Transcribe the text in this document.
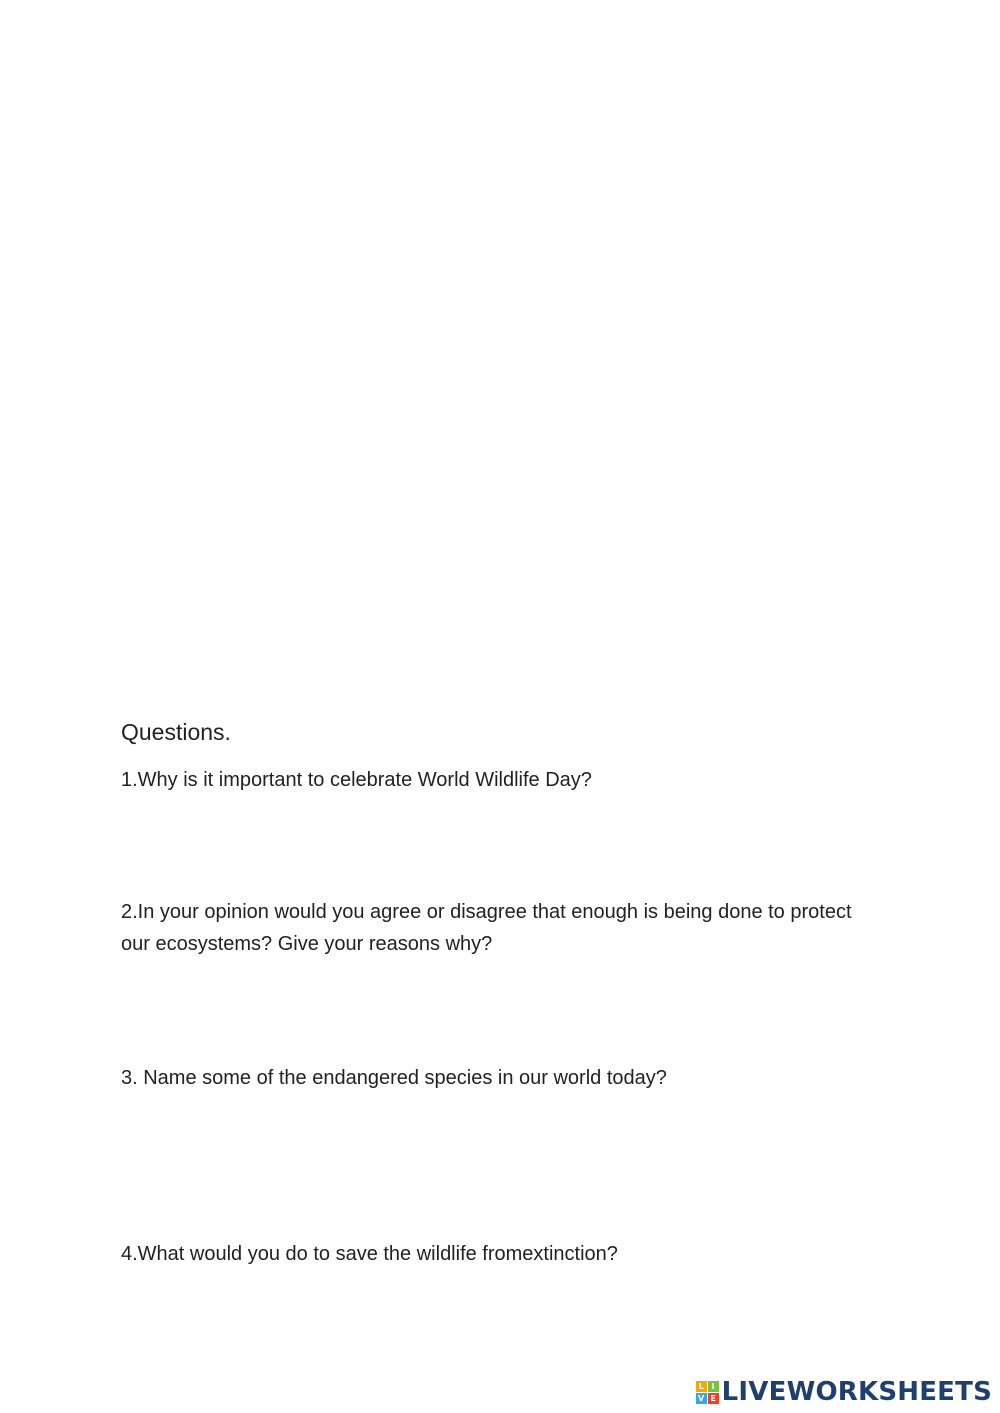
Questions.
1.Why is it important to celebrate World Wildlife Day?
2.In your opinion would you agree or disagree that enough is being done to protect our ecosystems? Give your reasons why?
3. Name some of the endangered species in our world today?
4.What would you do to save the wildlife fromextinction?
L I
V E LIVEWORKSHEETS
